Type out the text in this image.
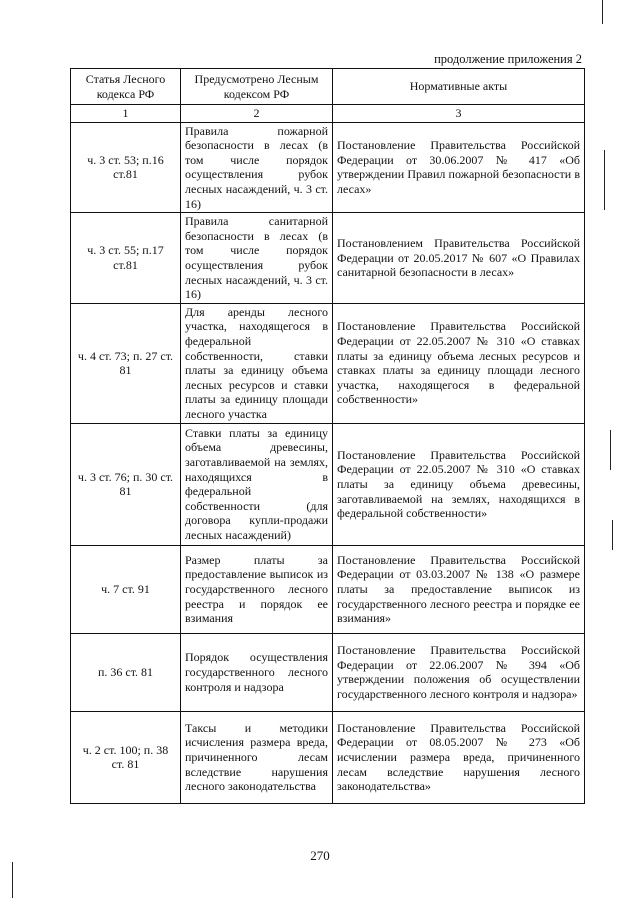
продолжение приложения 2
Статья Лесного кодекса РФ	Предусмотрено Лесным кодексом РФ	Нормативные акты
1	2	3
ч. 3 ст. 53; п.16 ст.81	Правила пожарной безопасности в лесах (в том числе порядок осуществления рубок лесных насаждений, ч. 3 ст. 16)	Постановление Правительства Российской Федерации от 30.06.2007 № 417 «Об утверждении Правил пожарной безопасности в лесах»
ч. 3 ст. 55; п.17 ст.81	Правила санитарной безопасности в лесах (в том числе порядок осуществления рубок лесных насаждений, ч. 3 ст. 16)	Постановлением Правительства Российской Федерации от 20.05.2017 № 607 «О Правилах санитарной безопасности в лесах»
ч. 4 ст. 73; п. 27 ст. 81	Для аренды лесного участка, находящегося в федеральной собственности, ставки платы за единицу объема лесных ресурсов и ставки платы за единицу площади лесного участка	Постановление Правительства Российской Федерации от 22.05.2007 № 310 «О ставках платы за единицу объема лесных ресурсов и ставках платы за единицу площади лесного участка, находящегося в федеральной собственности»
ч. 3 ст. 76; п. 30 ст. 81	Ставки платы за единицу объема древесины, заготавливаемой на землях, находящихся в федеральной собственности (для договора купли-продажи лесных насаждений)	Постановление Правительства Российской Федерации от 22.05.2007 № 310 «О ставках платы за единицу объема древесины, заготавливаемой на землях, находящихся в федеральной собственности»
ч. 7 ст. 91	Размер платы за предоставление выписок из государственного лесного реестра и порядок ее взимания	Постановление Правительства Российской Федерации от 03.03.2007 № 138 «О размере платы за предоставление выписок из государственного лесного реестра и порядке ее взимания»
п. 36 ст. 81	Порядок осуществления государственного лесного контроля и надзора	Постановление Правительства Российской Федерации от 22.06.2007 № 394 «Об утверждении положения об осуществлении государственного лесного контроля и надзора»
ч. 2 ст. 100; п. 38 ст. 81	Таксы и методики исчисления размера вреда, причиненного лесам вследствие нарушения лесного законодательства	Постановление Правительства Российской Федерации от 08.05.2007 № 273 «Об исчислении размера вреда, причиненного лесам вследствие нарушения лесного законодательства»
270
